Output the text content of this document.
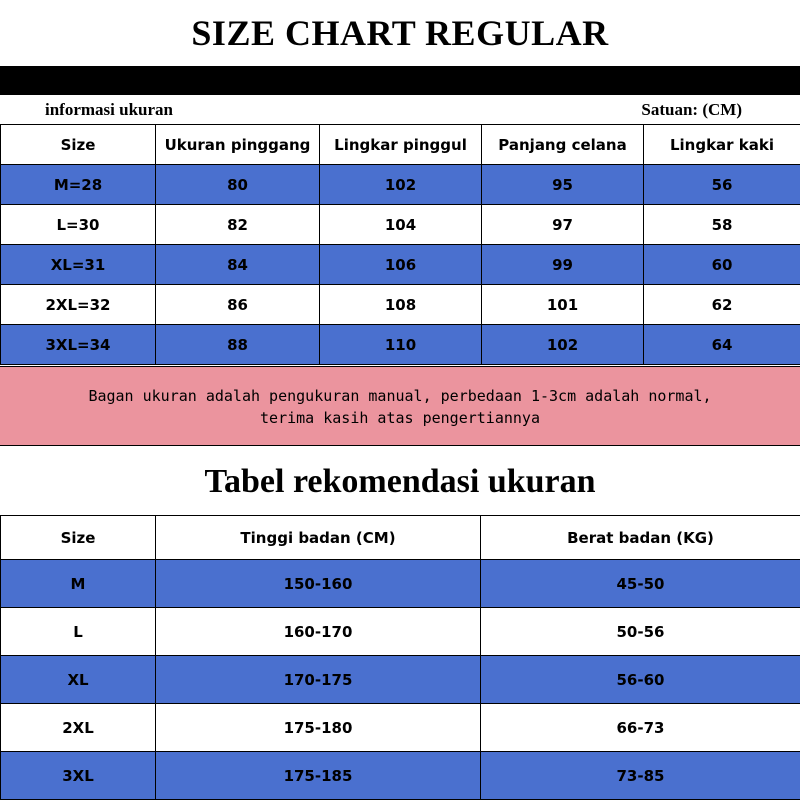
SIZE CHART REGULAR
informasi ukuran	Satuan: (CM)
Size	Ukuran pinggang	Lingkar pinggul	Panjang celana	Lingkar kaki
M=28	80	102	95	56
L=30	82	104	97	58
XL=31	84	106	99	60
2XL=32	86	108	101	62
3XL=34	88	110	102	64
Bagan ukuran adalah pengukuran manual, perbedaan 1-3cm adalah normal,
terima kasih atas pengertiannya
Tabel rekomendasi ukuran
Size	Tinggi badan (CM)	Berat badan (KG)
M	150-160	45-50
L	160-170	50-56
XL	170-175	56-60
2XL	175-180	66-73
3XL	175-185	73-85
